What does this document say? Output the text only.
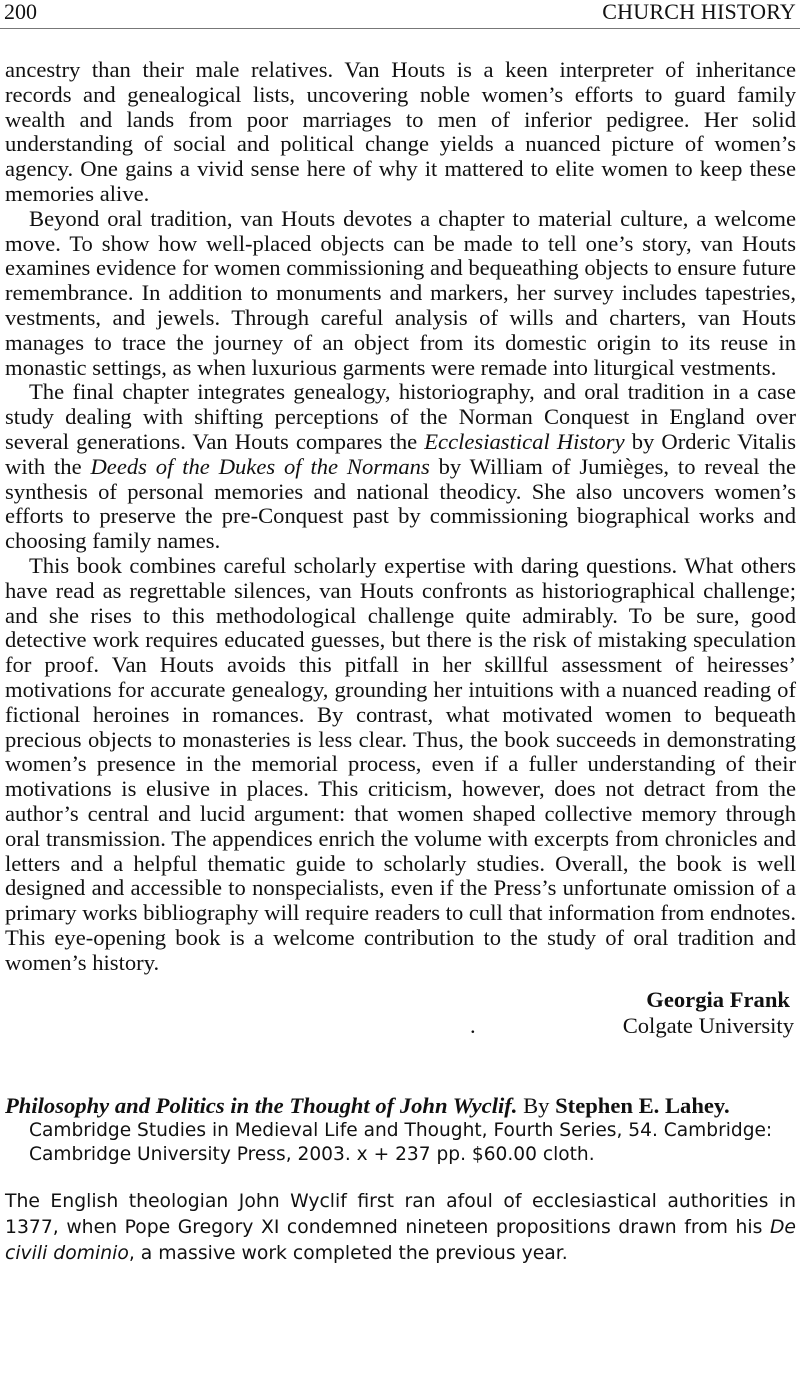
200	CHURCH HISTORY

ancestry than their male relatives. Van Houts is a keen interpreter of inheritance records and genealogical lists, uncovering noble women’s efforts to guard family wealth and lands from poor marriages to men of inferior pedigree. Her solid understanding of social and political change yields a nuanced picture of women’s agency. One gains a vivid sense here of why it mattered to elite women to keep these memories alive.

Beyond oral tradition, van Houts devotes a chapter to material culture, a welcome move. To show how well-placed objects can be made to tell one’s story, van Houts examines evidence for women commissioning and bequeathing objects to ensure future remembrance. In addition to monuments and markers, her survey includes tapestries, vestments, and jewels. Through careful analysis of wills and charters, van Houts manages to trace the journey of an object from its domestic origin to its reuse in monastic settings, as when luxurious garments were remade into liturgical vestments.

The final chapter integrates genealogy, historiography, and oral tradition in a case study dealing with shifting perceptions of the Norman Conquest in England over several generations. Van Houts compares the Ecclesiastical History by Orderic Vitalis with the Deeds of the Dukes of the Normans by William of Jumièges, to reveal the synthesis of personal memories and national theodicy. She also uncovers women’s efforts to preserve the pre-Conquest past by commissioning biographical works and choosing family names.

This book combines careful scholarly expertise with daring questions. What others have read as regrettable silences, van Houts confronts as historiographical challenge; and she rises to this methodological challenge quite admirably. To be sure, good detective work requires educated guesses, but there is the risk of mistaking speculation for proof. Van Houts avoids this pitfall in her skillful assessment of heiresses’ motivations for accurate genealogy, grounding her intuitions with a nuanced reading of fictional heroines in romances. By contrast, what motivated women to bequeath precious objects to monasteries is less clear. Thus, the book succeeds in demonstrating women’s presence in the memorial process, even if a fuller understanding of their motivations is elusive in places. This criticism, however, does not detract from the author’s central and lucid argument: that women shaped collective memory through oral transmission. The appendices enrich the volume with excerpts from chronicles and letters and a helpful thematic guide to scholarly studies. Overall, the book is well designed and accessible to nonspecialists, even if the Press’s unfortunate omission of a primary works bibliography will require readers to cull that information from endnotes. This eye-opening book is a welcome contribution to the study of oral tradition and women’s history.

Georgia Frank
.	Colgate University
Philosophy and Politics in the Thought of John Wyclif. By Stephen E. Lahey.
Cambridge Studies in Medieval Life and Thought, Fourth Series, 54. Cambridge: Cambridge University Press, 2003. x + 237 pp. $60.00 cloth.

The English theologian John Wyclif first ran afoul of ecclesiastical authorities in 1377, when Pope Gregory XI condemned nineteen propositions drawn from his De civili dominio, a massive work completed the previous year.
